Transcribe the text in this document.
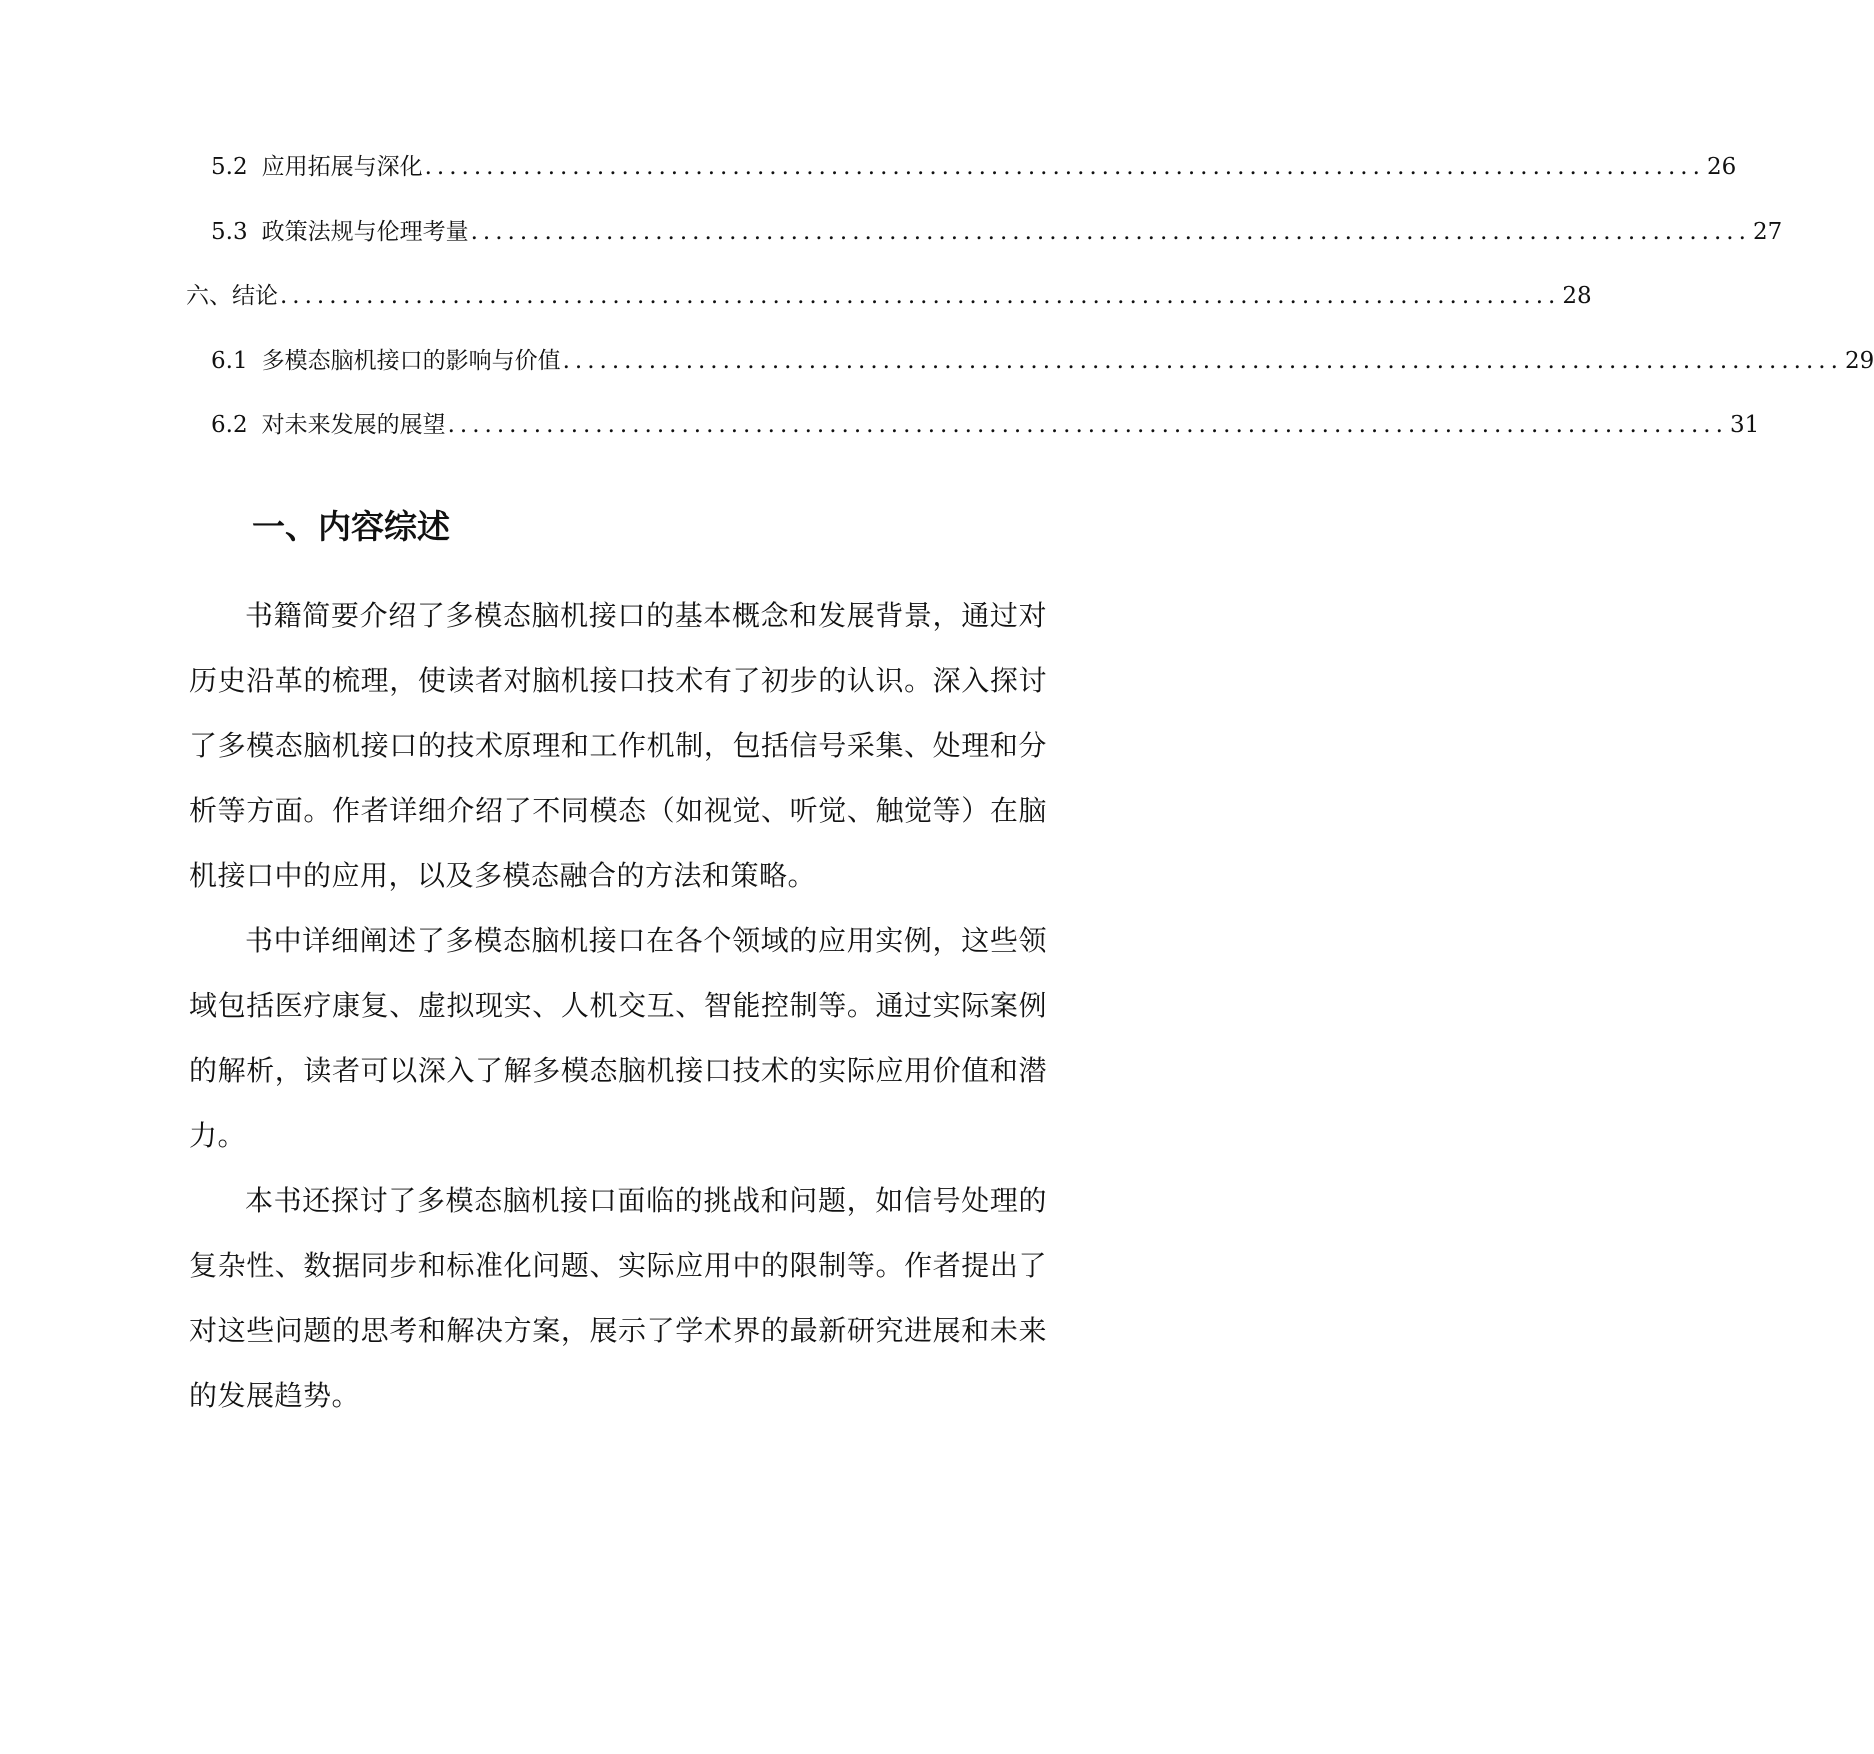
5.2 应用拓展与深化 ........................................................................................................ 26
5.3 政策法规与伦理考量 ........................................................................................................ 27
六、结论 ........................................................................................................ 28
6.1 多模态脑机接口的影响与价值 ........................................................................................................ 29
6.2 对未来发展的展望 ........................................................................................................ 31
一、内容综述

书籍简要介绍了多模态脑机接口的基本概念和发展背景，通过对历史沿革的梳理，使读者对脑机接口技术有了初步的认识。深入探讨了多模态脑机接口的技术原理和工作机制，包括信号采集、处理和分析等方面。作者详细介绍了不同模态（如视觉、听觉、触觉等）在脑机接口中的应用，以及多模态融合的方法和策略。

书中详细阐述了多模态脑机接口在各个领域的应用实例，这些领域包括医疗康复、虚拟现实、人机交互、智能控制等。通过实际案例的解析，读者可以深入了解多模态脑机接口技术的实际应用价值和潜力。

本书还探讨了多模态脑机接口面临的挑战和问题，如信号处理的复杂性、数据同步和标准化问题、实际应用中的限制等。作者提出了对这些问题的思考和解决方案，展示了学术界的最新研究进展和未来的发展趋势。
